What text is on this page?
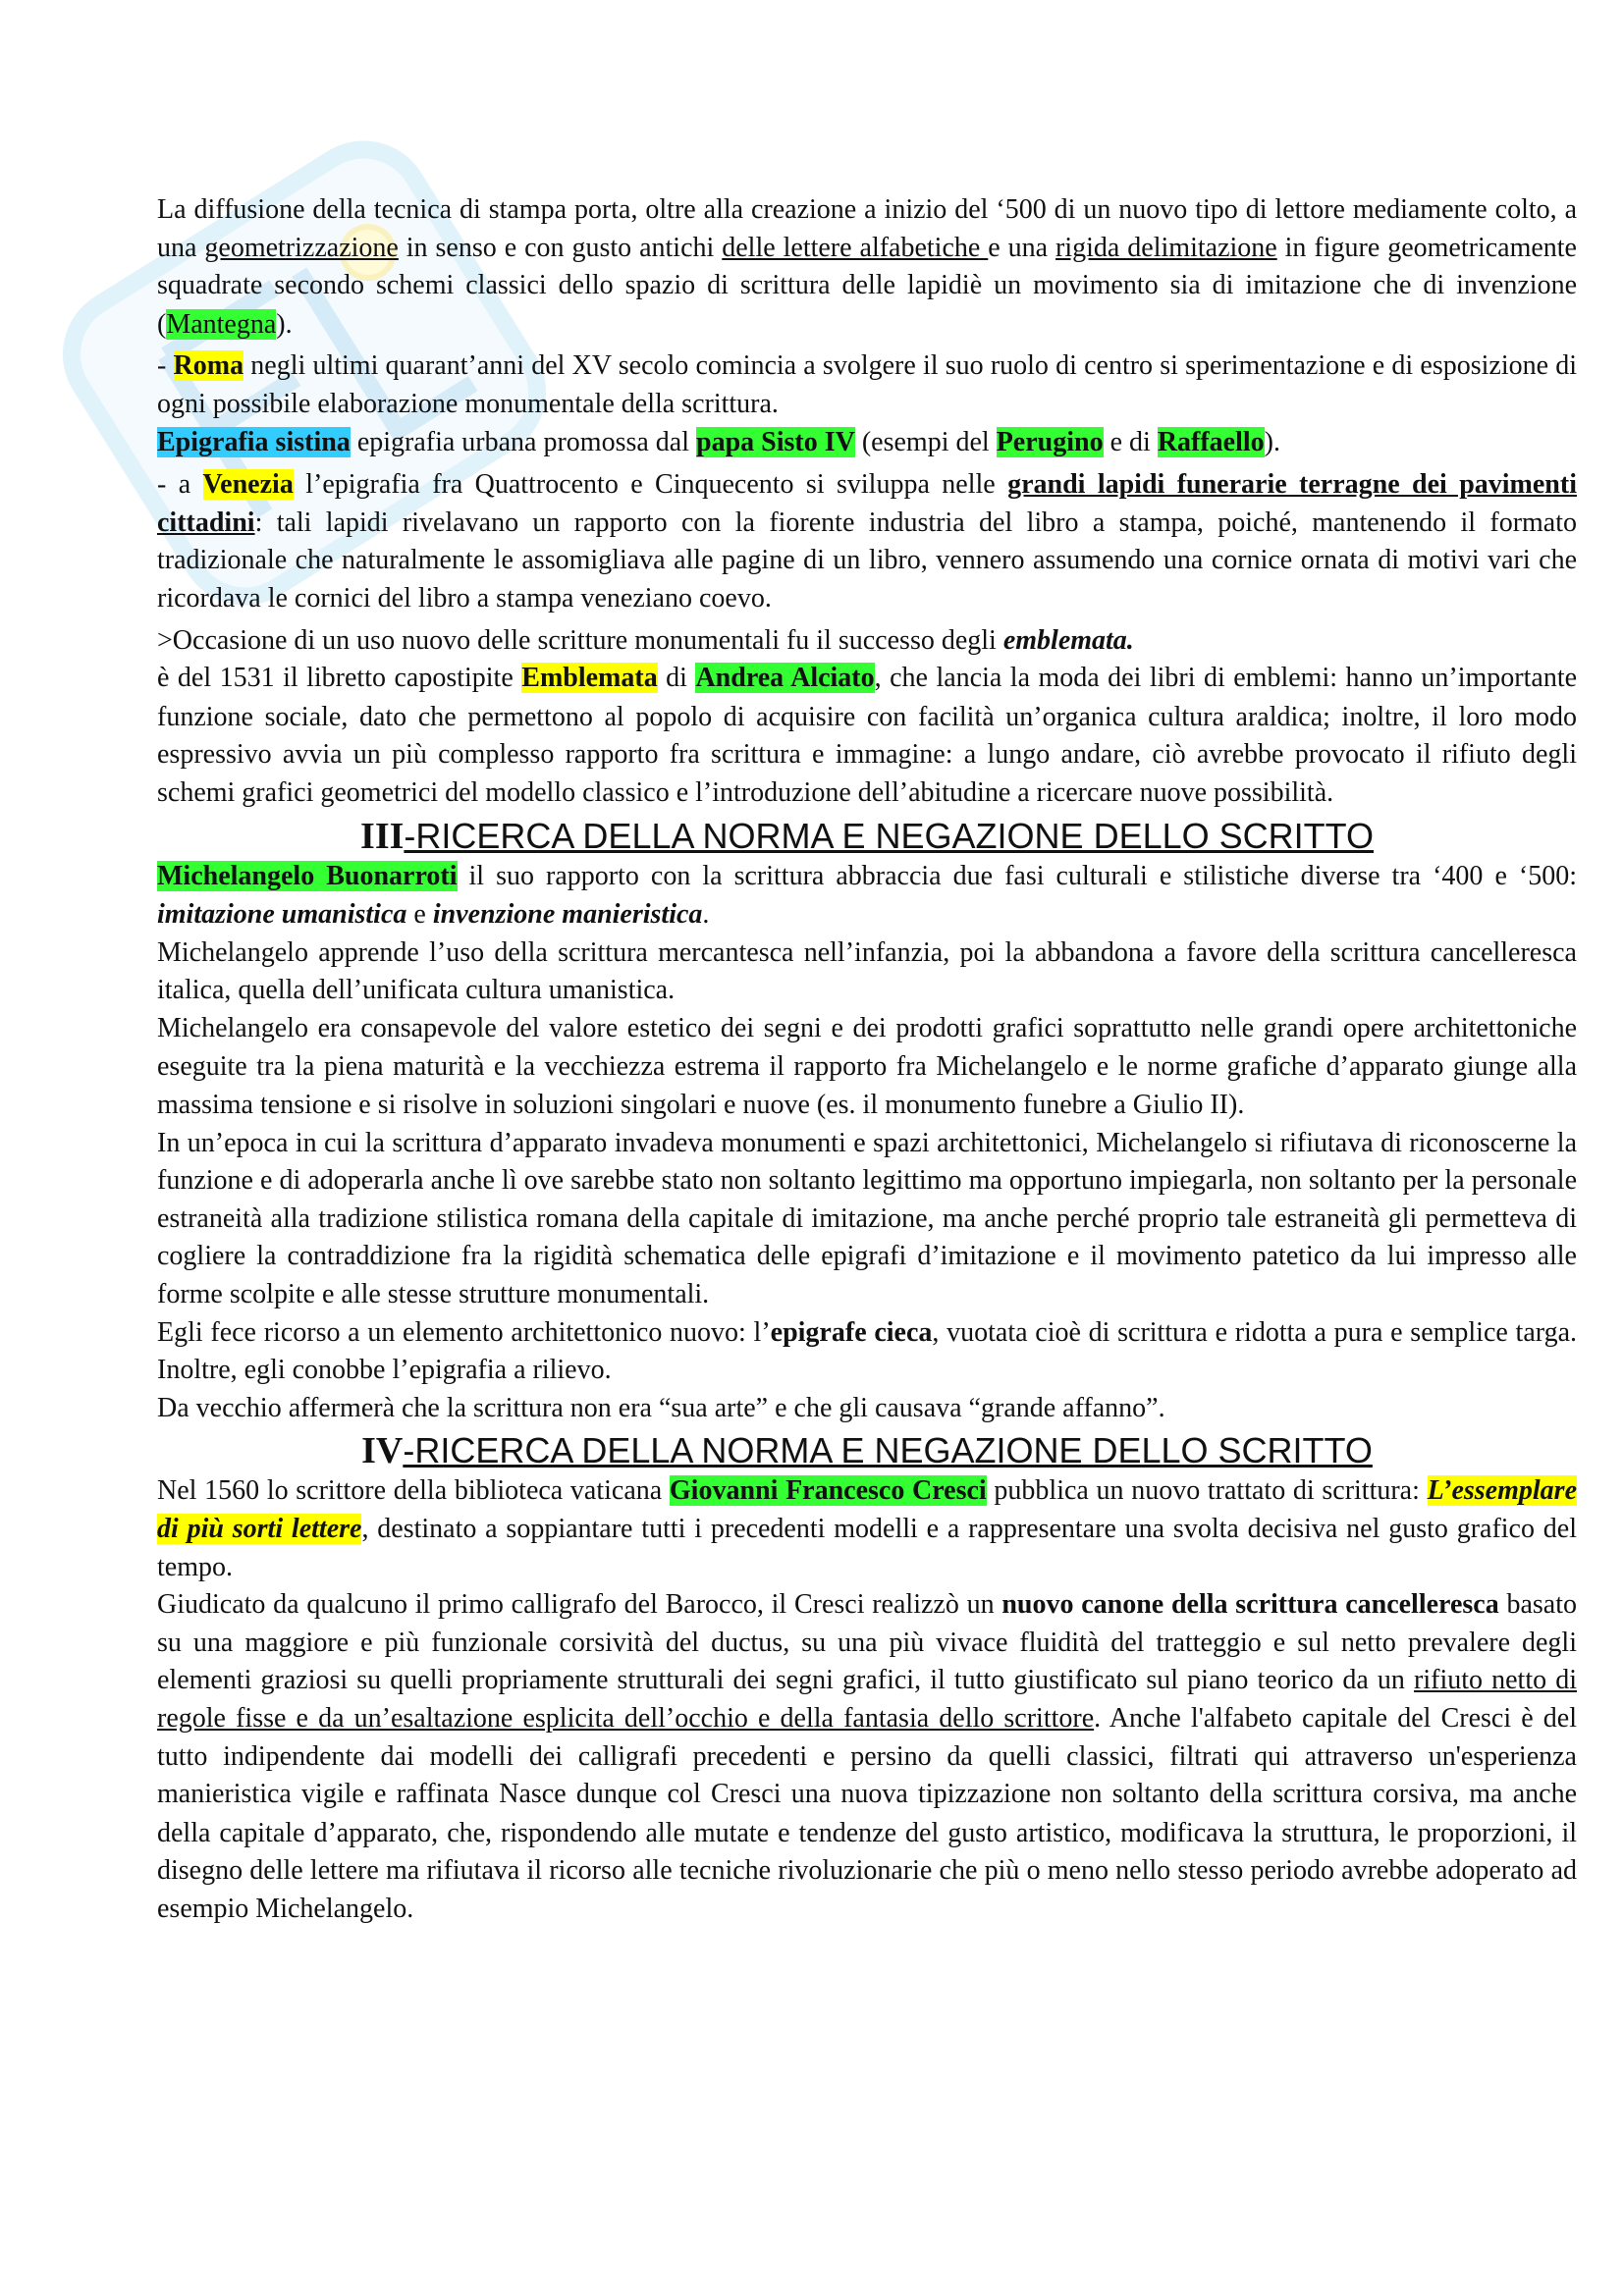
La diffusione della tecnica di stampa porta, oltre alla creazione a inizio del ‘500 di un nuovo tipo di lettore mediamente colto, a una geometrizzazione in senso e con gusto antichi delle lettere alfabetiche e una rigida delimitazione in figure geometricamente squadrate secondo schemi classici dello spazio di scrittura delle lapidiè un movimento sia di imitazione che di invenzione (Mantegna).

- Roma negli ultimi quarant’anni del XV secolo comincia a svolgere il suo ruolo di centro si sperimentazione e di esposizione di ogni possibile elaborazione monumentale della scrittura.

Epigrafia sistina epigrafia urbana promossa dal papa Sisto IV (esempi del Perugino e di Raffaello).

- a Venezia l’epigrafia fra Quattrocento e Cinquecento si sviluppa nelle grandi lapidi funerarie terragne dei pavimenti cittadini: tali lapidi rivelavano un rapporto con la fiorente industria del libro a stampa, poiché, mantenendo il formato tradizionale che naturalmente le assomigliava alle pagine di un libro, vennero assumendo una cornice ornata di motivi vari che ricordava le cornici del libro a stampa veneziano coevo.

>Occasione di un uso nuovo delle scritture monumentali fu il successo degli emblemata.

è del 1531 il libretto capostipite Emblemata di Andrea Alciato, che lancia la moda dei libri di emblemi: hanno un’importante funzione sociale, dato che permettono al popolo di acquisire con facilità un’organica cultura araldica; inoltre, il loro modo espressivo avvia un più complesso rapporto fra scrittura e immagine: a lungo andare, ciò avrebbe provocato il rifiuto degli schemi grafici geometrici del modello classico e l’introduzione dell’abitudine a ricercare nuove possibilità.

III-RICERCA DELLA NORMA E NEGAZIONE DELLO SCRITTO

Michelangelo Buonarroti il suo rapporto con la scrittura abbraccia due fasi culturali e stilistiche diverse tra ‘400 e ‘500: imitazione umanistica e invenzione manieristica.

Michelangelo apprende l’uso della scrittura mercantesca nell’infanzia, poi la abbandona a favore della scrittura cancelleresca italica, quella dell’unificata cultura umanistica.

Michelangelo era consapevole del valore estetico dei segni e dei prodotti grafici soprattutto nelle grandi opere architettoniche eseguite tra la piena maturità e la vecchiezza estrema il rapporto fra Michelangelo e le norme grafiche d’apparato giunge alla massima tensione e si risolve in soluzioni singolari e nuove (es. il monumento funebre a Giulio II).

In un’epoca in cui la scrittura d’apparato invadeva monumenti e spazi architettonici, Michelangelo si rifiutava di riconoscerne la funzione e di adoperarla anche lì ove sarebbe stato non soltanto legittimo ma opportuno impiegarla, non soltanto per la personale estraneità alla tradizione stilistica romana della capitale di imitazione, ma anche perché proprio tale estraneità gli permetteva di cogliere la contraddizione fra la rigidità schematica delle epigrafi d’imitazione e il movimento patetico da lui impresso alle forme scolpite e alle stesse strutture monumentali.

Egli fece ricorso a un elemento architettonico nuovo: l’epigrafe cieca, vuotata cioè di scrittura e ridotta a pura e semplice targa. Inoltre, egli conobbe l’epigrafia a rilievo.

Da vecchio affermerà che la scrittura non era “sua arte” e che gli causava “grande affanno”.

IV-RICERCA DELLA NORMA E NEGAZIONE DELLO SCRITTO

Nel 1560 lo scrittore della biblioteca vaticana Giovanni Francesco Cresci pubblica un nuovo trattato di scrittura: L’essemplare di più sorti lettere, destinato a soppiantare tutti i precedenti modelli e a rappresentare una svolta decisiva nel gusto grafico del tempo.

Giudicato da qualcuno il primo calligrafo del Barocco, il Cresci realizzò un nuovo canone della scrittura cancelleresca basato su una maggiore e più funzionale corsività del ductus, su una più vivace fluidità del tratteggio e sul netto prevalere degli elementi graziosi su quelli propriamente strutturali dei segni grafici, il tutto giustificato sul piano teorico da un rifiuto netto di regole fisse e da un’esaltazione esplicita dell’occhio e della fantasia dello scrittore. Anche l'alfabeto capitale del Cresci è del tutto indipendente dai modelli dei calligrafi precedenti e persino da quelli classici, filtrati qui attraverso un'esperienza manieristica vigile e raffinata Nasce dunque col Cresci una nuova tipizzazione non soltanto della scrittura corsiva, ma anche della capitale d’apparato, che, rispondendo alle mutate e tendenze del gusto artistico, modificava la struttura, le proporzioni, il disegno delle lettere ma rifiutava il ricorso alle tecniche rivoluzionarie che più o meno nello stesso periodo avrebbe adoperato ad esempio Michelangelo.
